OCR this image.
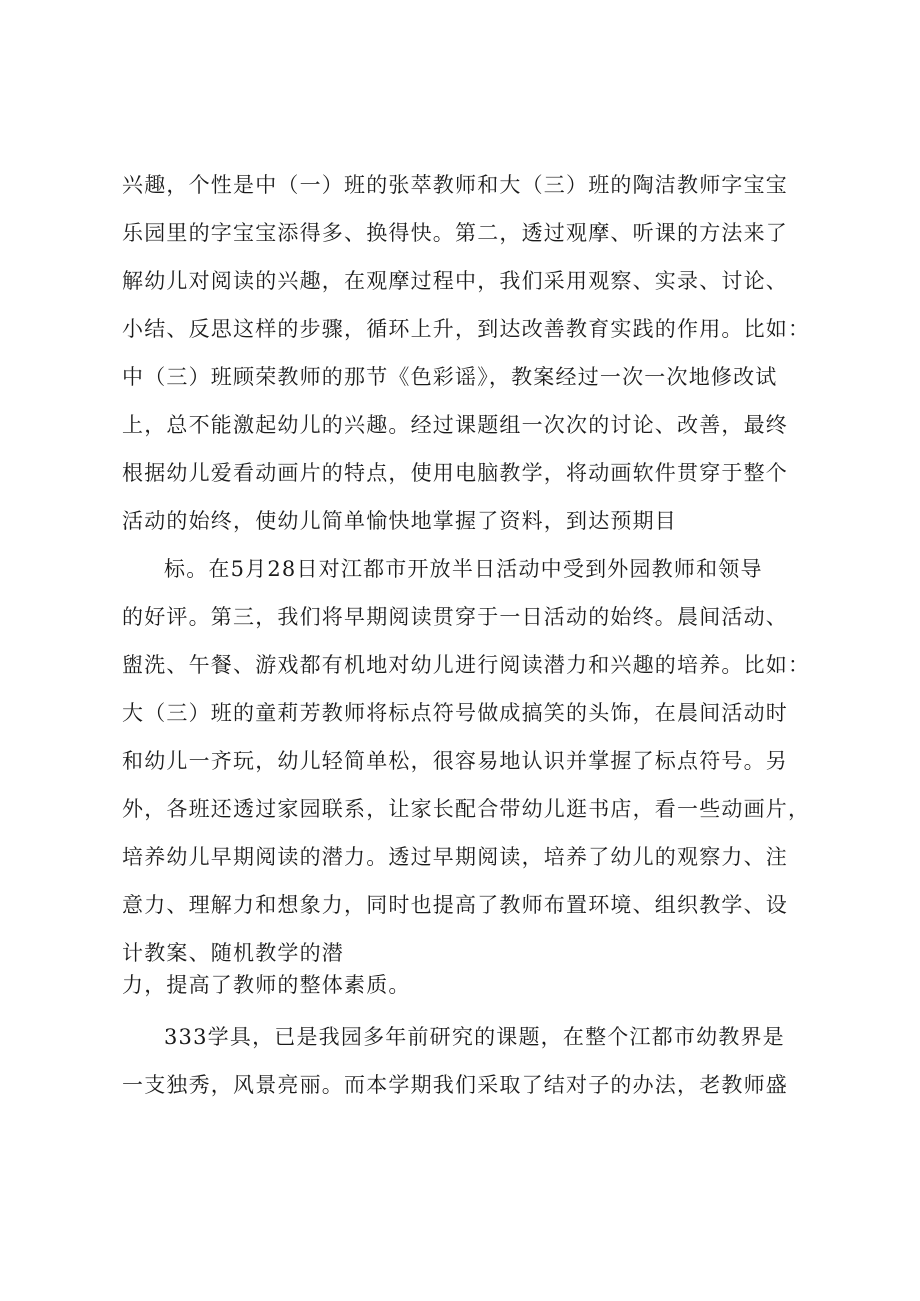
兴趣，个性是中（一）班的张萃教师和大（三）班的陶洁教师字宝宝
乐园里的字宝宝添得多、换得快。第二，透过观摩、听课的方法来了
解幼儿对阅读的兴趣，在观摩过程中，我们采用观察、实录、讨论、
小结、反思这样的步骤，循环上升，到达改善教育实践的作用。比如：
中（三）班顾荣教师的那节《色彩谣》，教案经过一次一次地修改试
上，总不能激起幼儿的兴趣。经过课题组一次次的讨论、改善，最终
根据幼儿爱看动画片的特点，使用电脑教学，将动画软件贯穿于整个
活动的始终，使幼儿简单愉快地掌握了资料，到达预期目
标。在5月28日对江都市开放半日活动中受到外园教师和领导
的好评。第三，我们将早期阅读贯穿于一日活动的始终。晨间活动、
盥洗、午餐、游戏都有机地对幼儿进行阅读潜力和兴趣的培养。比如：
大（三）班的童莉芳教师将标点符号做成搞笑的头饰，在晨间活动时
和幼儿一齐玩，幼儿轻简单松，很容易地认识并掌握了标点符号。另
外，各班还透过家园联系，让家长配合带幼儿逛书店，看一些动画片，
培养幼儿早期阅读的潜力。透过早期阅读，培养了幼儿的观察力、注
意力、理解力和想象力，同时也提高了教师布置环境、组织教学、设
计教案、随机教学的潜
力，提高了教师的整体素质。
333学具，已是我园多年前研究的课题，在整个江都市幼教界是
一支独秀，风景亮丽。而本学期我们采取了结对子的办法，老教师盛
